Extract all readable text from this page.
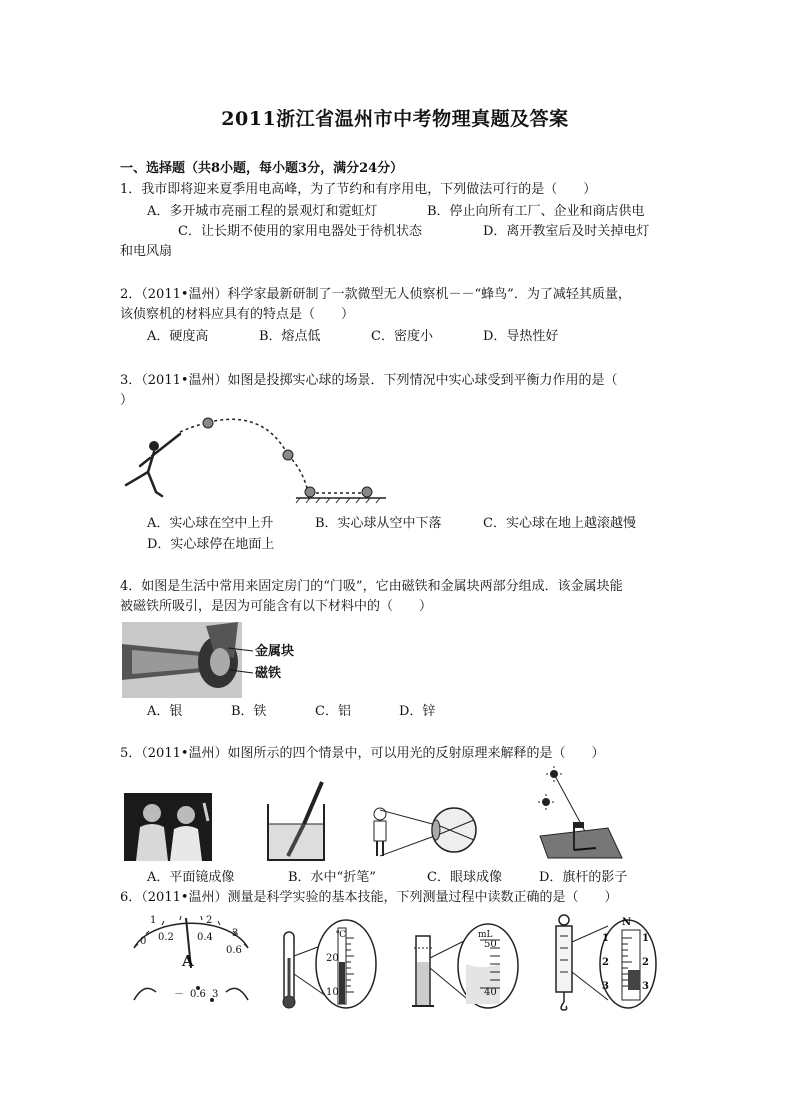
2011浙江省温州市中考物理真题及答案
一、选择题（共8小题，每小题3分，满分24分）
1．我市即将迎来夏季用电高峰，为了节约和有序用电，下列做法可行的是（　　）
A．多开城市亮丽工程的景观灯和霓虹灯	B．停止向所有工厂、企业和商店供电
C．让长期不使用的家用电器处于待机状态	D．离开教室后及时关掉电灯
和电风扇
2．（2011•温州）科学家最新研制了一款微型无人侦察机－－“蜂鸟”．为了减轻其质量，
该侦察机的材料应具有的特点是（　　）
A．硬度高	B．熔点低	C．密度小	D．导热性好
3．（2011•温州）如图是投掷实心球的场景．下列情况中实心球受到平衡力作用的是（
）
A．实心球在空中上升	B．实心球从空中下落	C．实心球在地上越滚越慢
D．实心球停在地面上
4．如图是生活中常用来固定房门的“门吸”，它由磁铁和金属块两部分组成．该金属块能
被磁铁所吸引，是因为可能含有以下材料中的（　　）
金属块
磁铁
A．银	B．铁	C．铝	D．锌
5．（2011•温州）如图所示的四个情景中，可以用光的反射原理来解释的是（　　）
A．平面镜成像	B．水中“折笔”	C．眼球成像	D．旗杆的影子
6．（2011•温州）测量是科学实验的基本技能，下列测量过程中读数正确的是（　　）
0 0.2 0.4
0.6
1	2
3
A
－ 0.6 3
℃
20
10
mL
50
40
N
1
2
3
1
2
3
